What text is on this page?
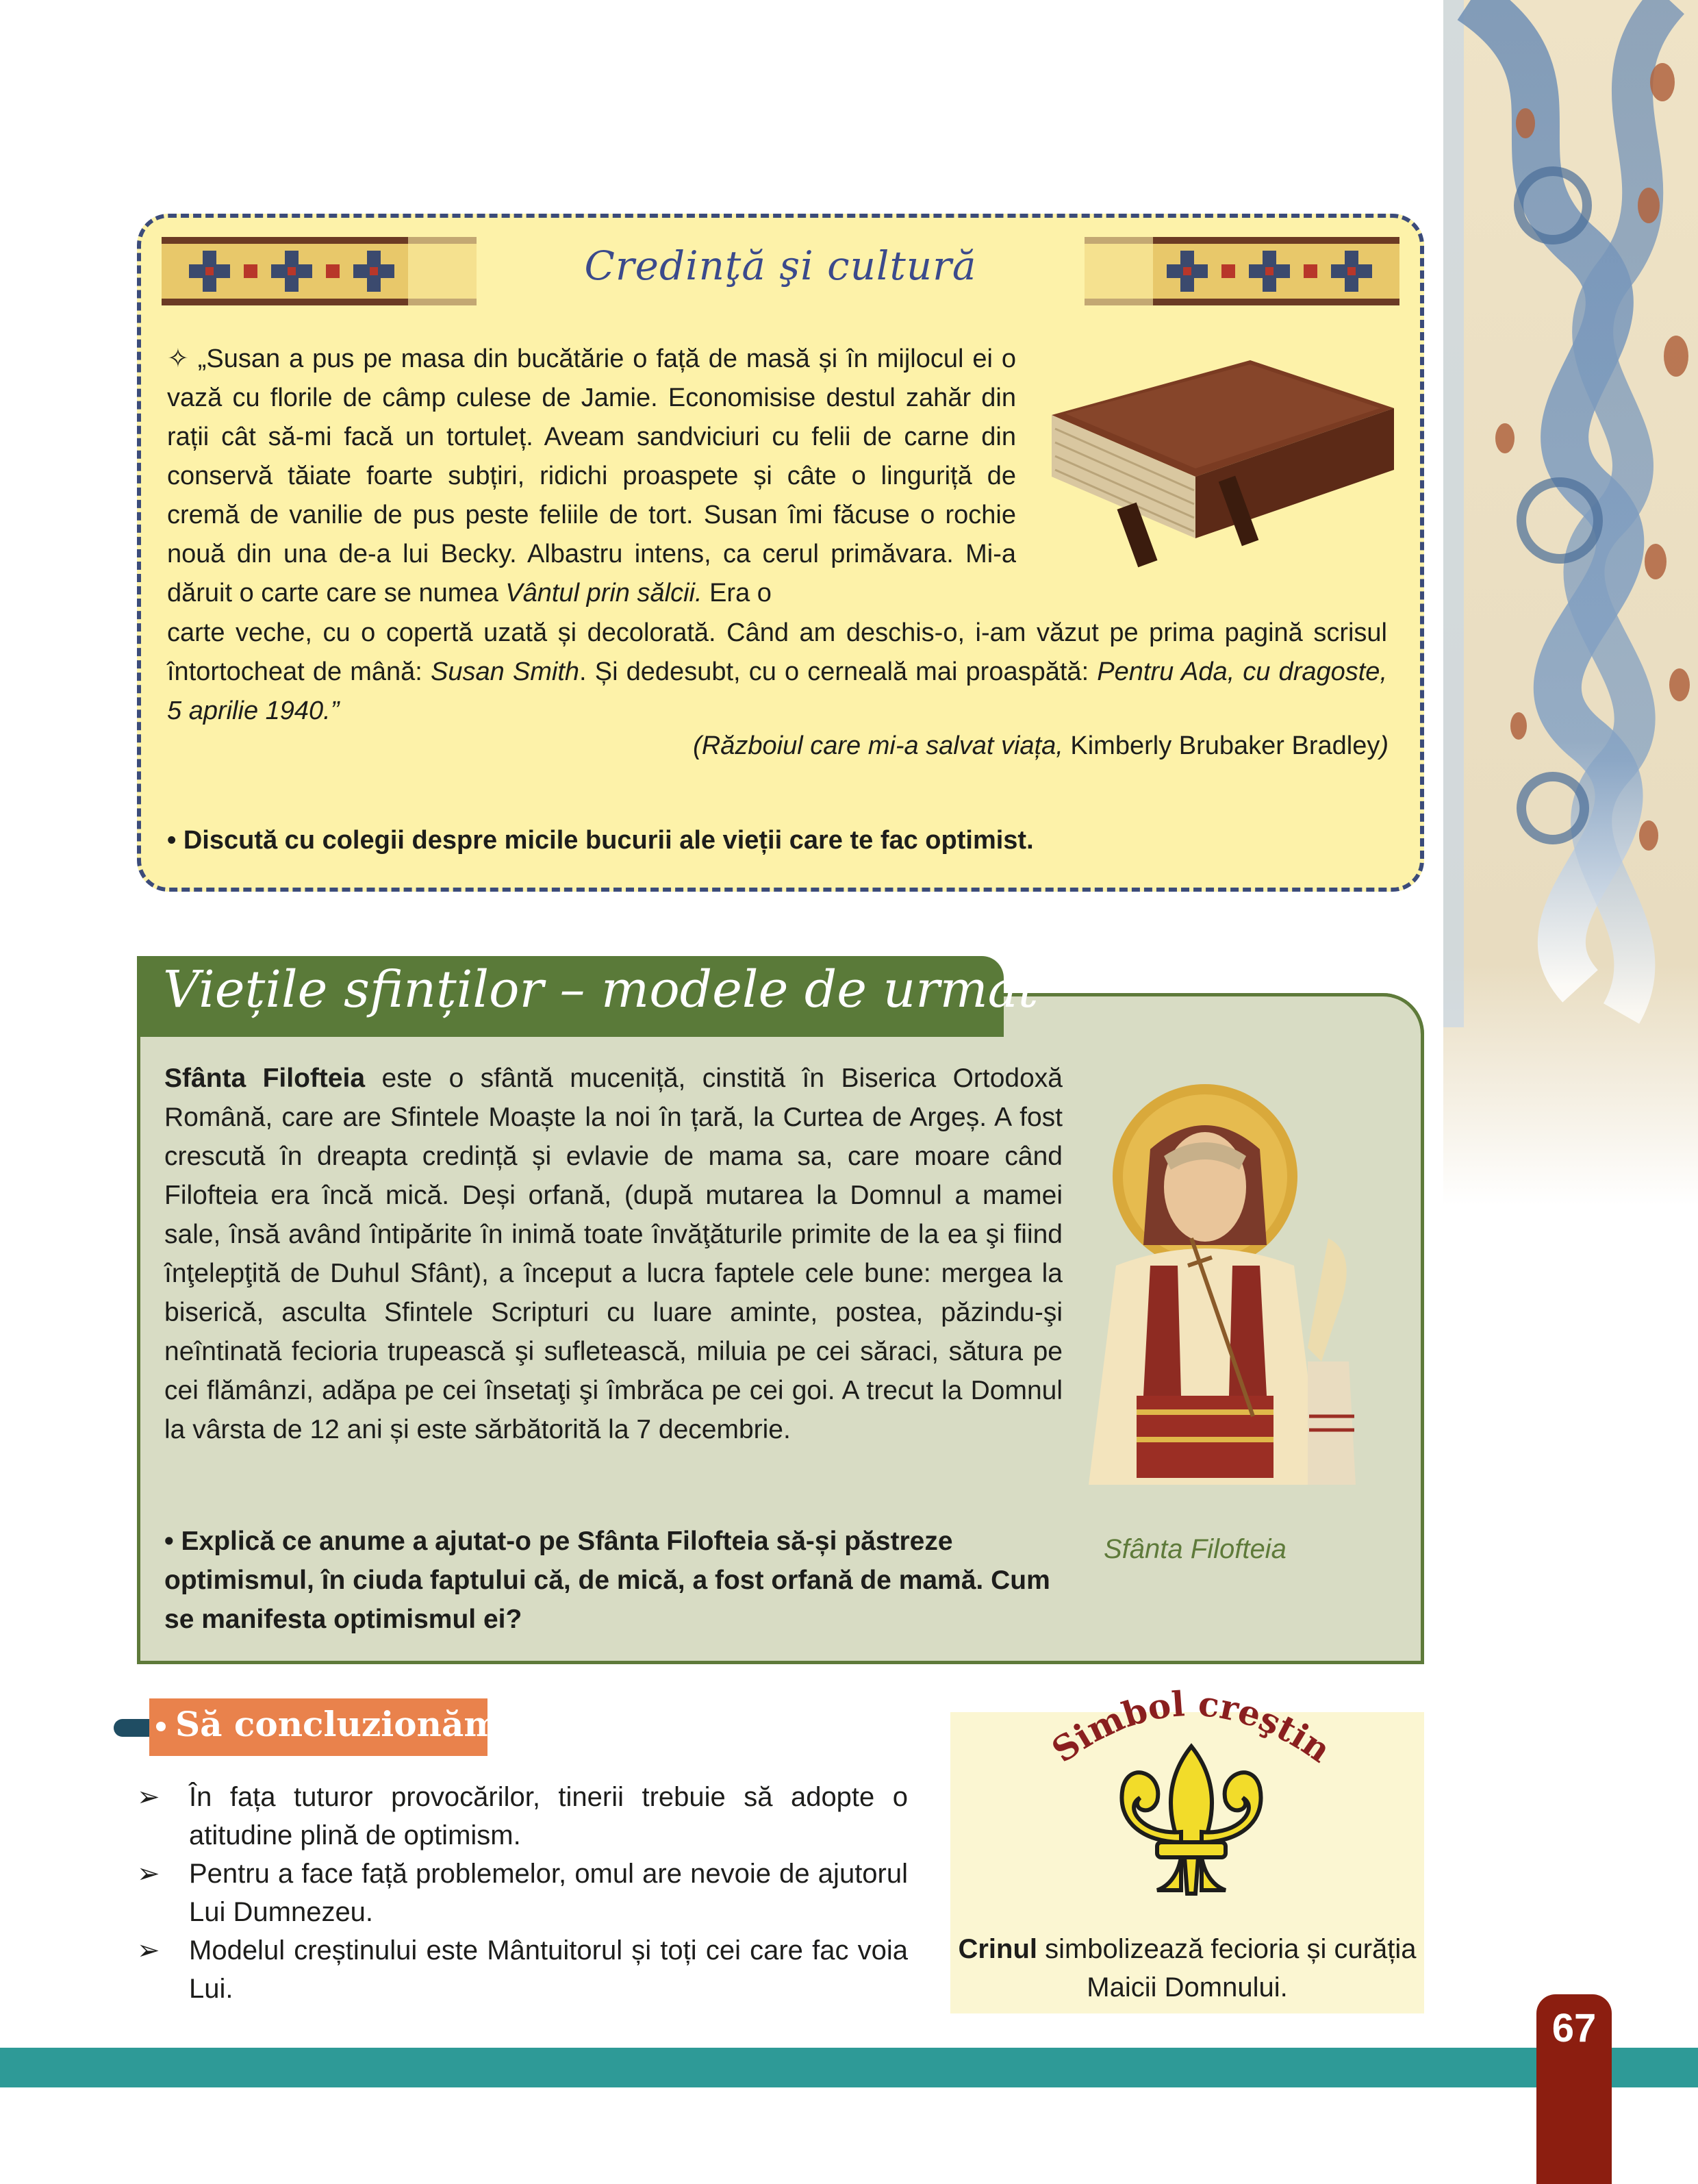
Credinţă şi cultură
✧ „Susan a pus pe masa din bucătărie o față de masă și în mijlocul ei o vază cu florile de câmp culese de Jamie. Economisise destul zahăr din rații cât să-mi facă un tortuleț. Aveam sandviciuri cu felii de carne din conservă tăiate foarte subțiri, ridichi proaspete și câte o linguriță de cremă de vanilie de pus peste feliile de tort. Susan îmi făcuse o rochie nouă din una de-a lui Becky. Albastru intens, ca cerul primăvara. Mi-a dăruit o carte care se numea Vântul prin sălcii. Era o
carte veche, cu o copertă uzată și decolorată. Când am deschis-o, i-am văzut pe prima pagină scrisul întortocheat de mână: Susan Smith. Și dedesubt, cu o cerneală mai proaspătă: Pentru Ada, cu dragoste, 5 aprilie 1940.”
(Războiul care mi-a salvat viața, Kimberly Brubaker Bradley)
• Discută cu colegii despre micile bucurii ale vieții care te fac optimist.
Viețile sfinților – modele de urmat
Sfânta Filofteia este o sfântă muceniță, cinstită în Biserica Ortodoxă Română, care are Sfintele Moaște la noi în țară, la Curtea de Argeș. A fost crescută în dreapta credință și evlavie de mama sa, care moare când Filofteia era încă mică. Deși orfană, (după mutarea la Domnul a mamei sale, însă având întipărite în inimă toate învăţăturile primite de la ea şi fiind înţelepţită de Duhul Sfânt), a început a lucra faptele cele bune: mergea la biserică, asculta Sfintele Scripturi cu luare aminte, postea, păzindu-şi neîntinată fecioria trupească şi sufletească, miluia pe cei săraci, sătura pe cei flămânzi, adăpa pe cei însetaţi şi îmbrăca pe cei goi. A trecut la Domnul la vârsta de 12 ani și este sărbătorită la 7 decembrie.
• Explică ce anume a ajutat-o pe Sfânta Filofteia să-și păstreze optimismul, în ciuda faptului că, de mică, a fost orfană de mamă. Cum se manifesta optimismul ei?
Sfânta Filofteia
Să concluzionăm!
➢ În fața tuturor provocărilor, tinerii trebuie să adopte o atitudine plină de optimism.
➢ Pentru a face față problemelor, omul are nevoie de ajutorul Lui Dumnezeu.
➢ Modelul creștinului este Mântuitorul și toți cei care fac voia Lui.
Simbol creştin
Crinul simbolizează fecioria și curăția Maicii Domnului.
67
